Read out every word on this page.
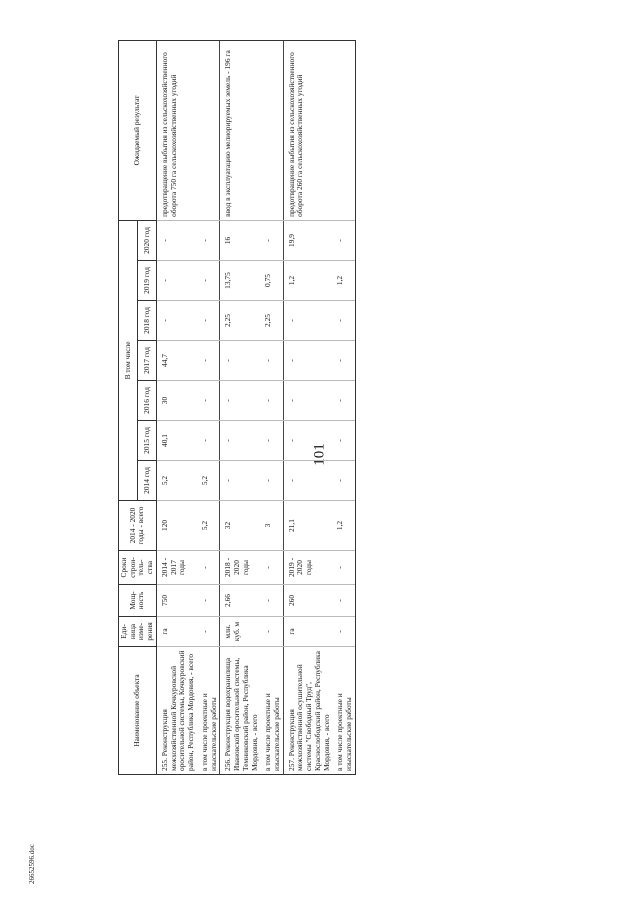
101
26652596.doc
Наименование объекта	Еди-ница изме-рения	Мощ-ность	Сроки строи-тель-ства	2014 - 2020 годы - всего	В том числе							Ожидаемый результат
					2014 год	2015 год	2016 год	2017 год	2018 год	2019 год	2020 год	
255. Реконструкция межхозяйственной Кочкуровской оросительной системы, Кочкуровский район, Республика Мордовия, - всего	га	750	2014 - 2017 годы	120	5,2	40,1	30	44,7	-	-	-	предотвращение выбытия из сельскохозяйственного оборота 750 га сельскохозяйственных угодий
в том числе проектные и изыскательские работы	-	-	-	5,2	5,2	-	-	-	-	-	-	
256. Реконструкция водохранилища Ивановской оросительной системы, Темниковский район, Республика Мордовия, - всего	млн. куб. м	2,66	2018 - 2020 годы	32	-	-	-	-	2,25	13,75	16	ввод в эксплуатацию мелиорируемых земель - 196 га
в том числе проектные и изыскательские работы	-	-	-	3	-	-	-	-	2,25	0,75	-	
257. Реконструкция межхозяйственной осушительной системы "Свободный Труд", Краснослободский район, Республика Мордовия, - всего	га	260	2019 - 2020 годы	21,1	-	-	-	-	-	1,2	19,9	предотвращение выбытия из сельскохозяйственного оборота 260 га сельскохозяйственных угодий
в том числе проектные и изыскательские работы	-	-	-	1,2	-	-	-	-	-	1,2	-	
